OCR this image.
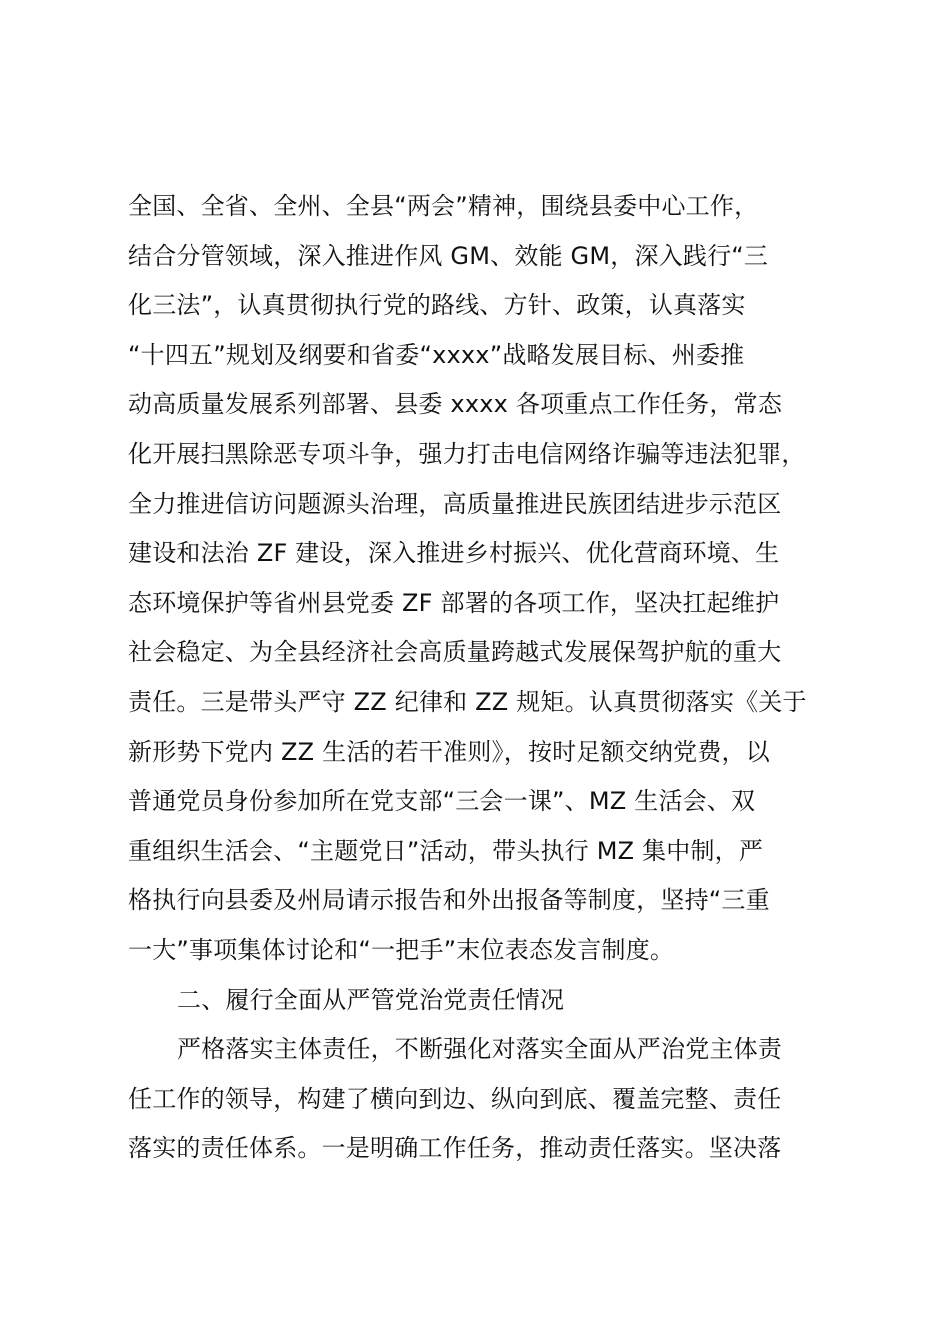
全国、全省、全州、全县“两会”精神，围绕县委中心工作，
结合分管领域，深入推进作风 GM、效能 GM，深入践行“三
化三法”，认真贯彻执行党的路线、方针、政策，认真落实
“十四五”规划及纲要和省委“xxxx”战略发展目标、州委推
动高质量发展系列部署、县委 xxxx 各项重点工作任务，常态
化开展扫黑除恶专项斗争，强力打击电信网络诈骗等违法犯罪，
全力推进信访问题源头治理，高质量推进民族团结进步示范区
建设和法治 ZF 建设，深入推进乡村振兴、优化营商环境、生
态环境保护等省州县党委 ZF 部署的各项工作，坚决扛起维护
社会稳定、为全县经济社会高质量跨越式发展保驾护航的重大
责任。三是带头严守 ZZ 纪律和 ZZ 规矩。认真贯彻落实《关于
新形势下党内 ZZ 生活的若干准则》，按时足额交纳党费，以
普通党员身份参加所在党支部“三会一课”、MZ 生活会、双
重组织生活会、“主题党日”活动，带头执行 MZ 集中制，严
格执行向县委及州局请示报告和外出报备等制度，坚持“三重
一大”事项集体讨论和“一把手”末位表态发言制度。
二、履行全面从严管党治党责任情况
严格落实主体责任，不断强化对落实全面从严治党主体责
任工作的领导，构建了横向到边、纵向到底、覆盖完整、责任
落实的责任体系。一是明确工作任务，推动责任落实。坚决落
